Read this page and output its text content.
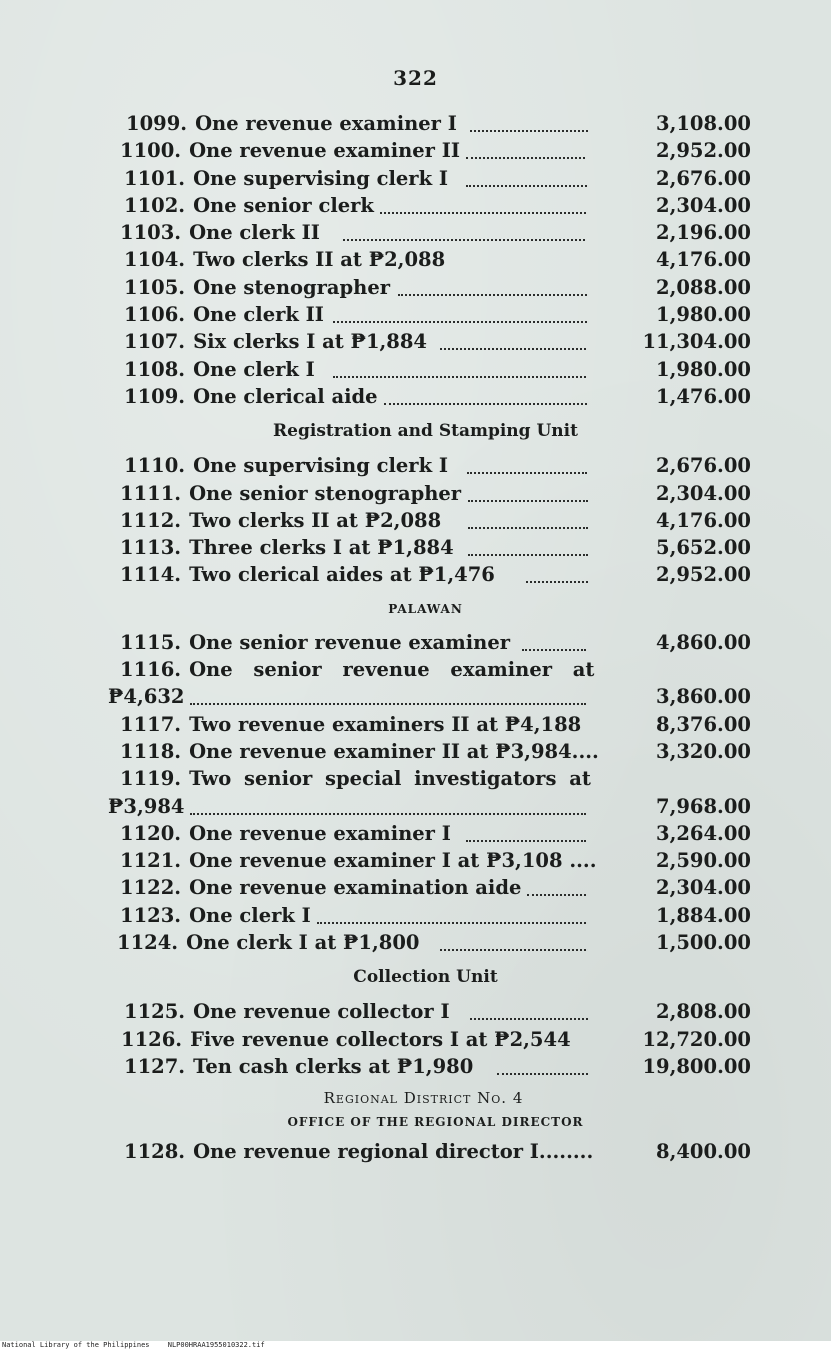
322
1099. One revenue examiner I	3,108.00
1100. One revenue examiner II	2,952.00
1101. One supervising clerk I	2,676.00
1102. One senior clerk	2,304.00
1103. One clerk II	2,196.00
1104. Two clerks II at ₱2,088	4,176.00
1105. One stenographer	2,088.00
1106. One clerk II	1,980.00
1107. Six clerks I at ₱1,884	11,304.00
1108. One clerk I	1,980.00
1109. One clerical aide	1,476.00
Registration and Stamping Unit
1110. One supervising clerk I	2,676.00
1111. One senior stenographer	2,304.00
1112. Two clerks II at ₱2,088	4,176.00
1113. Three clerks I at ₱1,884	5,652.00
1114. Two clerical aides at ₱1,476	2,952.00
PALAWAN
1115. One senior revenue examiner	4,860.00
1116. One senior revenue examiner at
₱4,632	3,860.00
1117. Two revenue examiners II at ₱4,188	8,376.00
1118. One revenue examiner II at ₱3,984....	3,320.00
1119. Two senior special investigators at
₱3,984	7,968.00
1120. One revenue examiner I	3,264.00
1121. One revenue examiner I at ₱3,108 ....	2,590.00
1122. One revenue examination aide	2,304.00
1123. One clerk I	1,884.00
1124. One clerk I at ₱1,800	1,500.00
Collection Unit
1125. One revenue collector I	2,808.00
1126. Five revenue collectors I at ₱2,544	12,720.00
1127. Ten cash clerks at ₱1,980	19,800.00
Regional District No. 4
OFFICE OF THE REGIONAL DIRECTOR
1128. One revenue regional director I........	8,400.00
National Library of the Philippines	NLP00HRAA1955010322.tif
